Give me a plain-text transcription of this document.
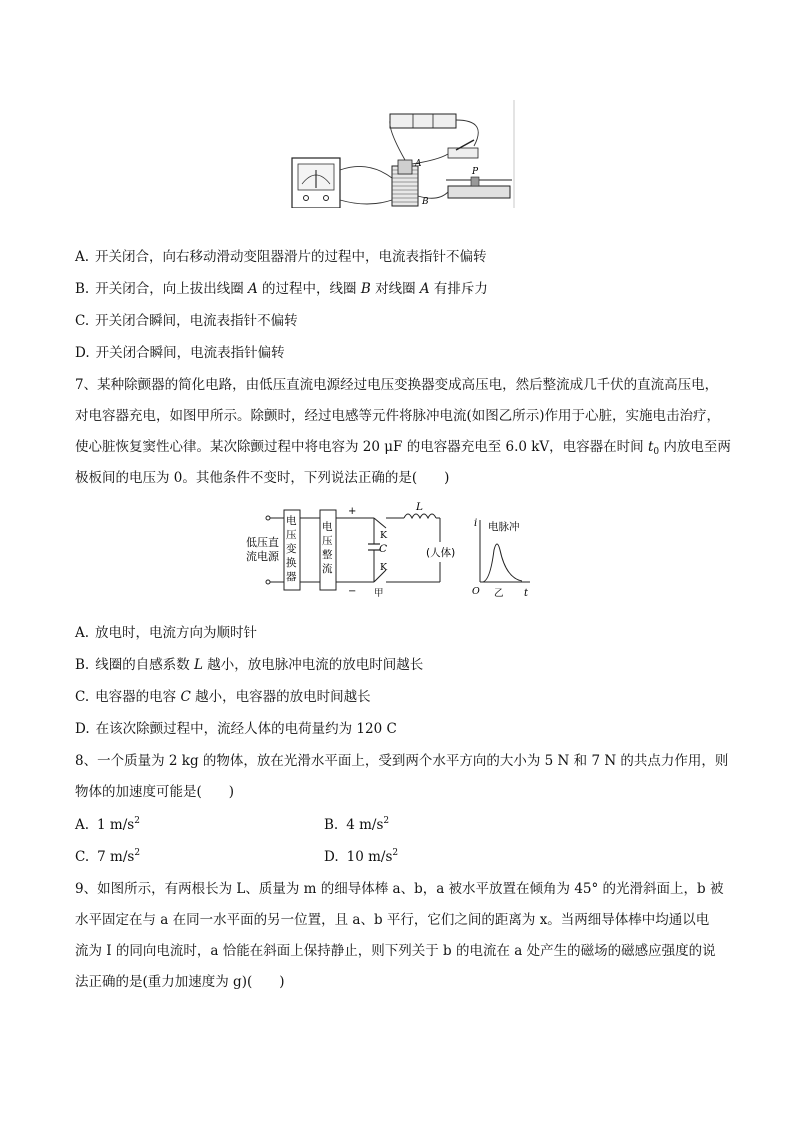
A
B
P
A. 开关闭合，向右移动滑动变阻器滑片的过程中，电流表指针不偏转
B. 开关闭合，向上拔出线圈 A 的过程中，线圈 B 对线圈 A 有排斥力
C. 开关闭合瞬间，电流表指针不偏转
D. 开关闭合瞬间，电流表指针偏转
7、某种除颤器的简化电路，由低压直流电源经过电压变换器变成高压电，然后整流成几千伏的直流高压电，
对电容器充电，如图甲所示。除颤时，经过电感等元件将脉冲电流(如图乙所示)作用于心脏，实施电击治疗，
使心脏恢复窦性心律。某次除颤过程中将电容为 20 μF 的电容器充电至 6.0 kV，电容器在时间 $t_0$ 内放电至两
极板间的电压为 0。其他条件不变时，下列说法正确的是(　　)
低压直
流电源
电
压
变
换
器
电
压
整
流
+
−
C
K
K
L
(人体)
甲
i
t
O
电脉冲
乙
A. 放电时，电流方向为顺时针
B. 线圈的自感系数 L 越小，放电脉冲电流的放电时间越长
C. 电容器的电容 C 越小，电容器的放电时间越长
D. 在该次除颤过程中，流经人体的电荷量约为 120 C
8、一个质量为 2 kg 的物体，放在光滑水平面上，受到两个水平方向的大小为 5 N 和 7 N 的共点力作用，则
物体的加速度可能是(　　)
A. 1 $m/s^2$	B. 4 $m/s^2$
C. 7 $m/s^2$	D. 10 $m/s^2$
9、如图所示，有两根长为 L、质量为 m 的细导体棒 a、b，a 被水平放置在倾角为 45° 的光滑斜面上，b 被
水平固定在与 a 在同一水平面的另一位置，且 a、b 平行，它们之间的距离为 x。当两细导体棒中均通以电
流为 I 的同向电流时，a 恰能在斜面上保持静止，则下列关于 b 的电流在 a 处产生的磁场的磁感应强度的说
法正确的是(重力加速度为 g)(　　)
